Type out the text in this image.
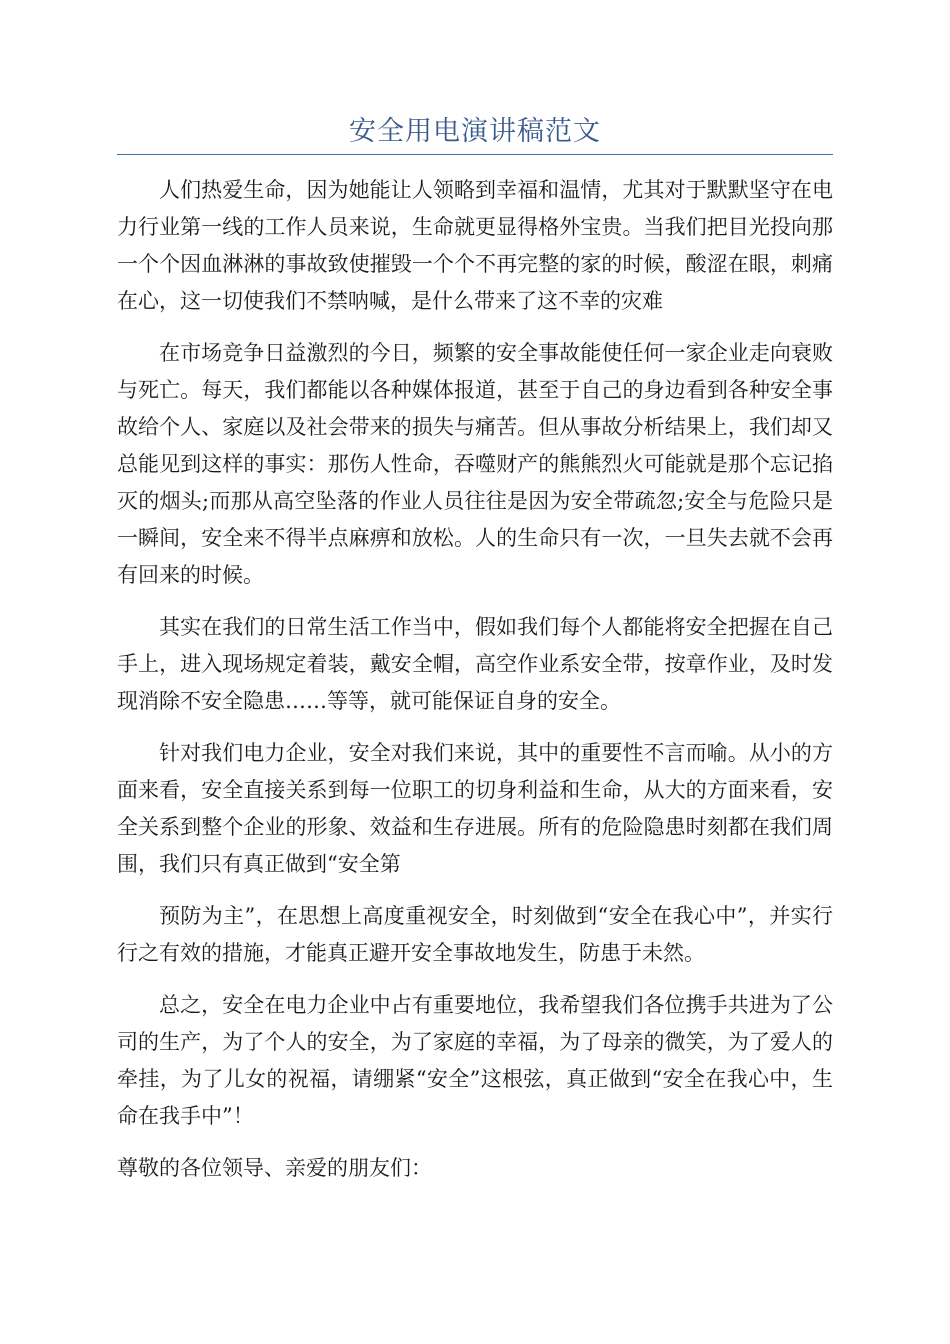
安全用电演讲稿范文

人们热爱生命，因为她能让人领略到幸福和温情，尤其对于默默坚守在电力行业第一线的工作人员来说，生命就更显得格外宝贵。当我们把目光投向那一个个因血淋淋的事故致使摧毁一个个不再完整的家的时候，酸涩在眼，刺痛在心，这一切使我们不禁呐喊，是什么带来了这不幸的灾难

在市场竞争日益激烈的今日，频繁的安全事故能使任何一家企业走向衰败与死亡。每天，我们都能以各种媒体报道，甚至于自己的身边看到各种安全事故给个人、家庭以及社会带来的损失与痛苦。但从事故分析结果上，我们却又总能见到这样的事实：那伤人性命，吞噬财产的熊熊烈火可能就是那个忘记掐灭的烟头;而那从高空坠落的作业人员往往是因为安全带疏忽;安全与危险只是一瞬间，安全来不得半点麻痹和放松。人的生命只有一次，一旦失去就不会再有回来的时候。

其实在我们的日常生活工作当中，假如我们每个人都能将安全把握在自己手上，进入现场规定着装，戴安全帽，高空作业系安全带，按章作业，及时发现消除不安全隐患……等等，就可能保证自身的安全。

针对我们电力企业，安全对我们来说，其中的重要性不言而喻。从小的方面来看，安全直接关系到每一位职工的切身利益和生命，从大的方面来看，安全关系到整个企业的形象、效益和生存进展。所有的危险隐患时刻都在我们周围，我们只有真正做到“安全第

预防为主”，在思想上高度重视安全，时刻做到“安全在我心中”，并实行行之有效的措施，才能真正避开安全事故地发生，防患于未然。

总之，安全在电力企业中占有重要地位，我希望我们各位携手共进为了公司的生产，为了个人的安全，为了家庭的幸福，为了母亲的微笑，为了爱人的牵挂，为了儿女的祝福，请绷紧“安全”这根弦，真正做到“安全在我心中，生命在我手中”！

尊敬的各位领导、亲爱的朋友们：
